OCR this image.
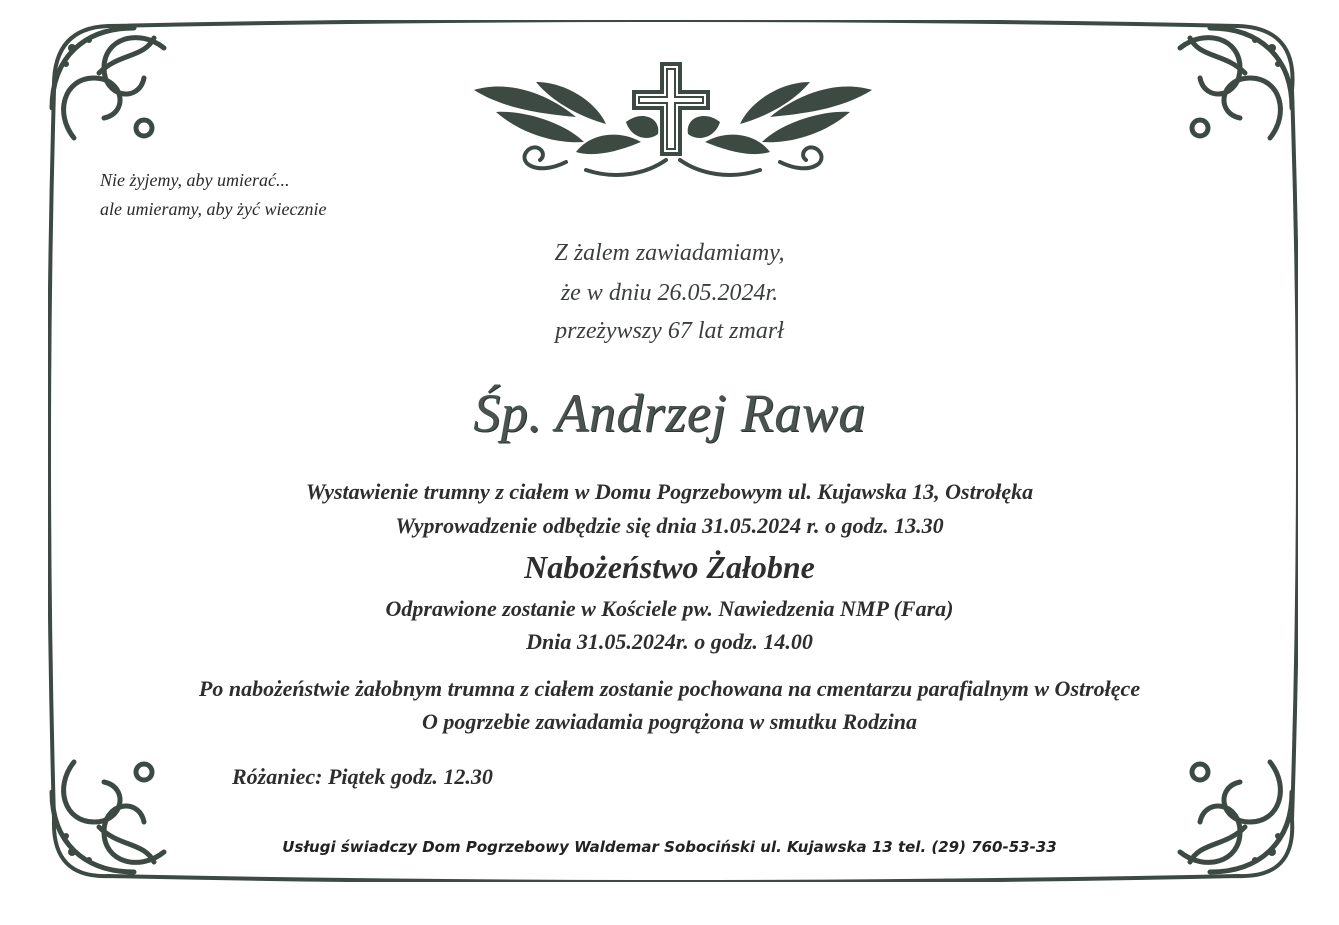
Nie żyjemy, aby umierać...
ale umieramy, aby żyć wiecznie
Z żalem zawiadamiamy,
że w dniu 26.05.2024r.
przeżywszy 67 lat zmarł
Śp. Andrzej Rawa
Wystawienie trumny z ciałem w Domu Pogrzebowym ul. Kujawska 13, Ostrołęka
Wyprowadzenie odbędzie się dnia 31.05.2024 r. o godz. 13.30
Nabożeństwo Żałobne
Odprawione zostanie w Kościele pw. Nawiedzenia NMP (Fara)
Dnia 31.05.2024r. o godz. 14.00
Po nabożeństwie żałobnym trumna z ciałem zostanie pochowana na cmentarzu parafialnym w Ostrołęce
O pogrzebie zawiadamia pogrążona w smutku Rodzina
Różaniec: Piątek godz. 12.30
Usługi świadczy Dom Pogrzebowy Waldemar Sobociński ul. Kujawska 13 tel. (29) 760-53-33
